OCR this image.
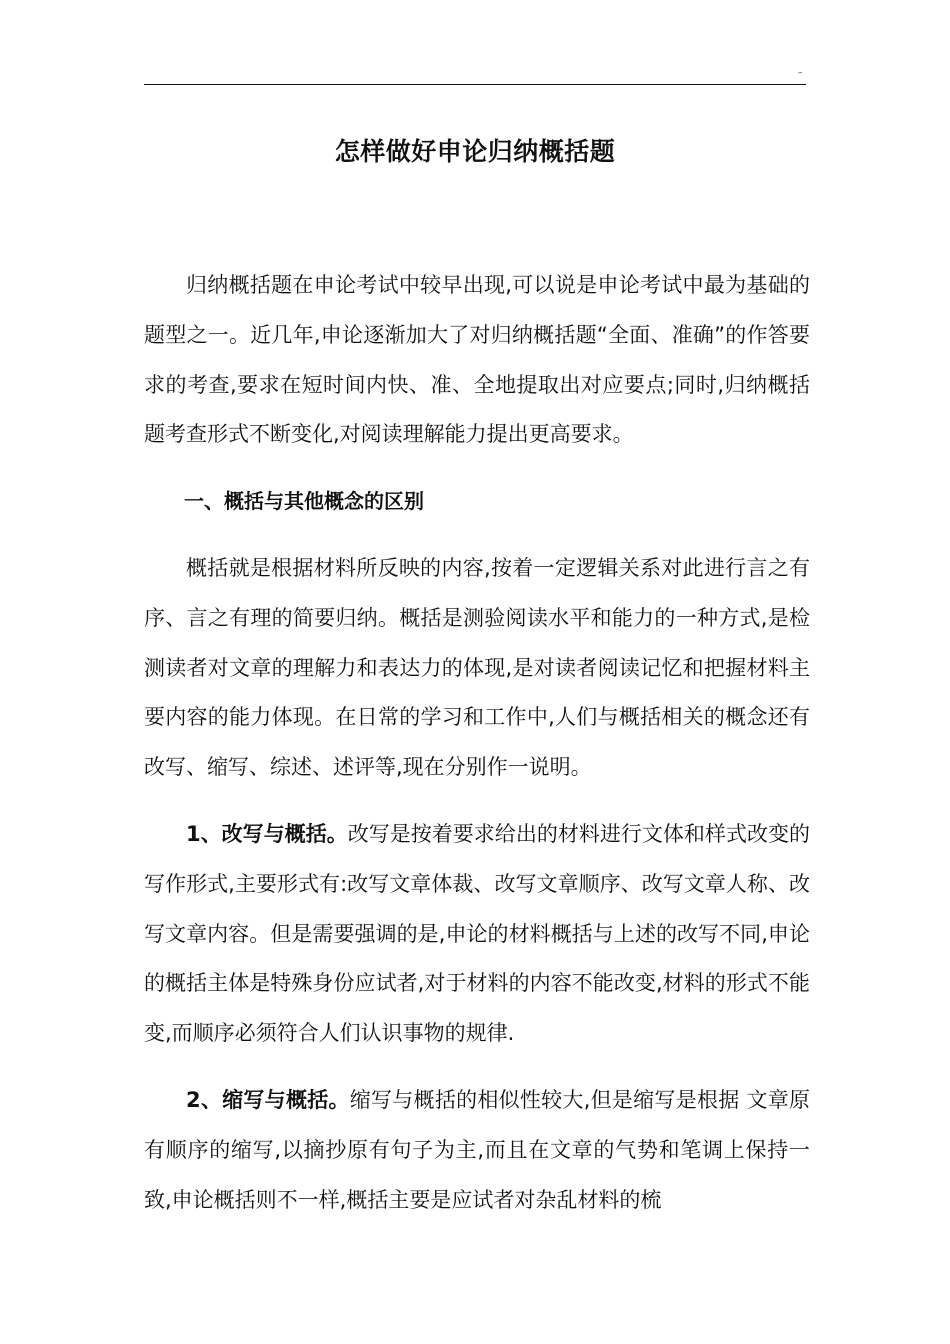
–
怎样做好申论归纳概括题

归纳概括题在申论考试中较早出现,可以说是申论考试中最为基础的题型之一。近几年,申论逐渐加大了对归纳概括题“全面、准确”的作答要求的考查,要求在短时间内快、准、全地提取出对应要点;同时,归纳概括题考查形式不断变化,对阅读理解能力提出更高要求。

一、概括与其他概念的区别

概括就是根据材料所反映的内容,按着一定逻辑关系对此进行言之有序、言之有理的简要归纳。概括是测验阅读水平和能力的一种方式,是检测读者对文章的理解力和表达力的体现,是对读者阅读记忆和把握材料主要内容的能力体现。在日常的学习和工作中,人们与概括相关的概念还有改写、缩写、综述、述评等,现在分别作一说明。

1、改写与概括。改写是按着要求给出的材料进行文体和样式改变的写作形式,主要形式有:改写文章体裁、改写文章顺序、改写文章人称、改写文章内容。但是需要强调的是,申论的材料概括与上述的改写不同,申论的概括主体是特殊身份应试者,对于材料的内容不能改变,材料的形式不能变,而顺序必须符合人们认识事物的规律.

2、缩写与概括。缩写与概括的相似性较大,但是缩写是根据 文章原有顺序的缩写,以摘抄原有句子为主,而且在文章的气势和笔调上保持一致,申论概括则不一样,概括主要是应试者对杂乱材料的梳
